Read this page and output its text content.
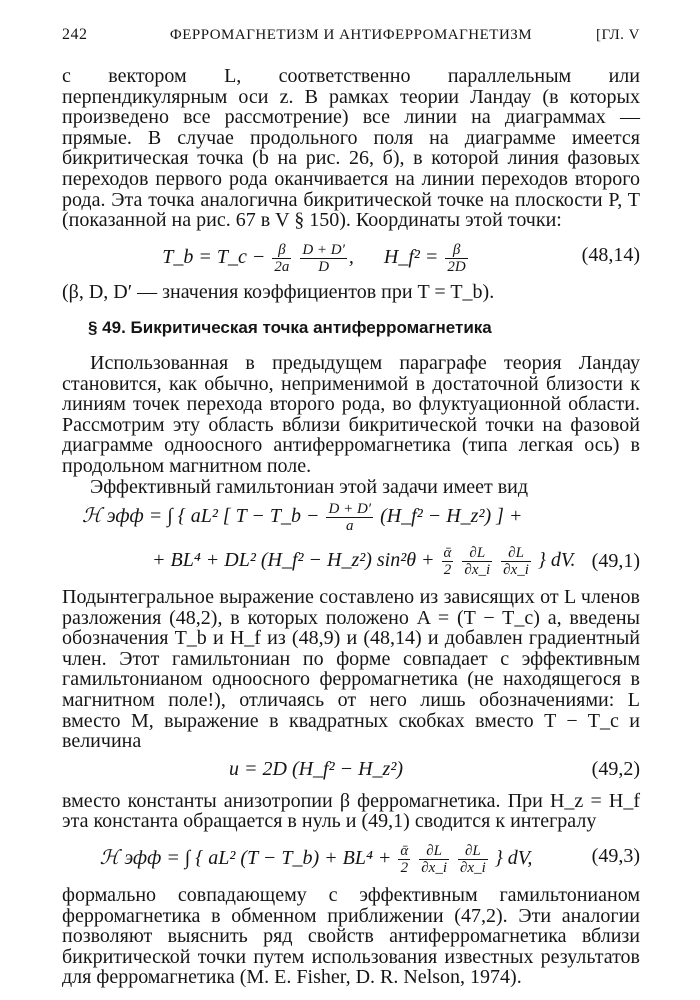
242	ФЕРРОМАГНЕТИЗМ И АНТИФЕРРОМАГНЕТИЗМ	[ГЛ. V

с вектором L, соответственно параллельным или перпендикулярным оси z. В рамках теории Ландау (в которых произведено все рассмотрение) все линии на диаграммах — прямые. В случае продольного поля на диаграмме имеется бикритическая точка (b на рис. 26, б), в которой линия фазовых переходов первого рода оканчивается на линии переходов второго рода. Эта точка аналогична бикритической точке на плоскости P, T (показанной на рис. 67 в V § 150). Координаты этой точки:

T_b = T_c − $\frac{\beta}{2a}$
$\frac{D + D'}{D}$ ,      H_f² = $\frac{\beta}{2D}$	(48,14)

(β, D, D′ — значения коэффициентов при T = T_b).

§ 49. Бикритическая точка антиферромагнетика

Использованная в предыдущем параграфе теория Ландау становится, как обычно, неприменимой в достаточной близости к линиям точек перехода второго рода, во флуктуационной области. Рассмотрим эту область вблизи бикритической точки на фазовой диаграмме одноосного антиферромагнетика (типа легкая ось) в продольном магнитном поле.

Эффективный гамильтониан этой задачи имеет вид

ℋ эфф = ∫ { aL² [ T − T_b − $\frac{D + D'}{a}$ (H_f² − H_z²) ] +
+ BL⁴ + DL² (H_f² − H_z²) $\sin^2\theta + \frac{\text{ᾱ}}{2}$
$\frac{\partial L}{\partial x\_i}$
$\frac{\partial L}{\partial x\_i}$ } dV. (49,1)

Подынтегральное выражение составлено из зависящих от L членов разложения (48,2), в которых положено A = (T − T_c) a, введены обозначения T_b и H_f из (48,9) и (48,14) и добавлен градиентный член. Этот гамильтониан по форме совпадает с эффективным гамильтонианом одноосного ферромагнетика (не находящегося в магнитном поле!), отличаясь от него лишь обозначениями: L вместо M, выражение в квадратных скобках вместо T − T_c и величина

u = 2D (H_f² − H_z²)	(49,2)

вместо константы анизотропии β ферромагнетика. При H_z = H_f эта константа обращается в нуль и (49,1) сводится к интегралу

ℋ эфф = ∫ { aL² (T − T_b) + $BL^4 + \frac{\text{ᾱ}}{2}$
$\frac{\partial L}{\partial x\_i}$
$\frac{\partial L}{\partial x\_i}$ } dV,	(49,3)

формально совпадающему с эффективным гамильтонианом ферромагнетика в обменном приближении (47,2). Эти аналогии позволяют выяснить ряд свойств антиферромагнетика вблизи бикритической точки путем использования известных результатов для ферромагнетика (M. E. Fisher, D. R. Nelson, 1974).
